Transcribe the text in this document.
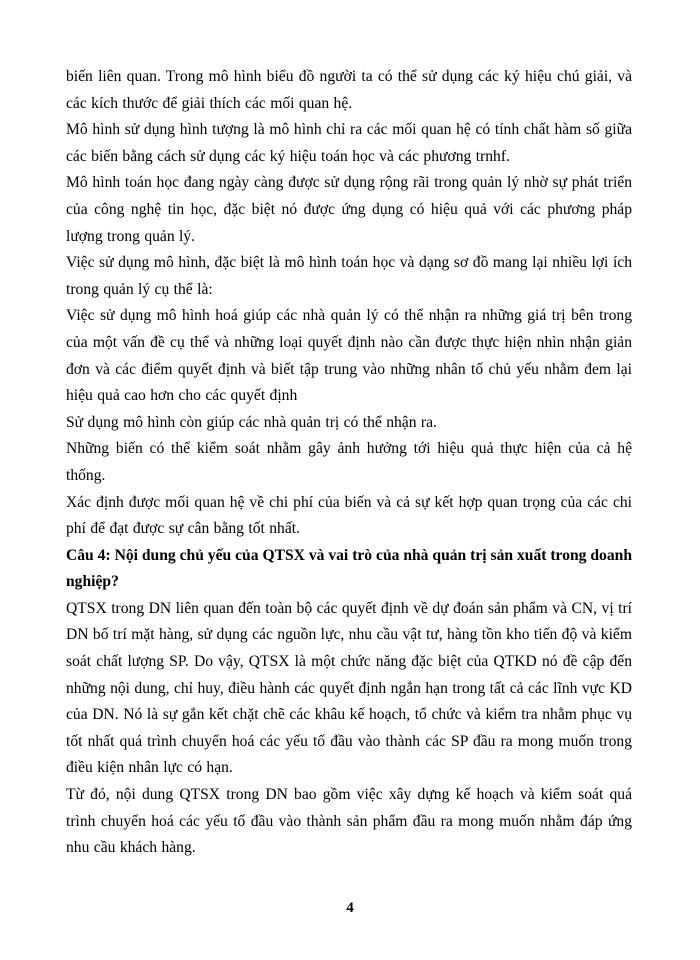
biến liên quan. Trong mô hình biểu đồ người ta có thể sử dụng các ký hiệu chú giải, và các kích thước để giải thích các mối quan hệ.

Mô hình sử dụng hình tượng là mô hình chỉ ra các mối quan hệ có tính chất hàm số giữa các biến bằng cách sử dụng các ký hiệu toán học và các phương trnhf.

Mô hình toán học đang ngày càng được sử dụng rộng rãi trong quản lý nhờ sự phát triển của công nghệ tin học, đặc biệt nó được ứng dụng có hiệu quả với các phương pháp lượng trong quản lý.

Việc sử dụng mô hình, đặc biệt là mô hình toán học và dạng sơ đồ mang lại nhiều lợi ích trong quản lý cụ thể là:

Việc sử dụng mô hình hoá giúp các nhà quản lý có thể nhận ra những giá trị bên trong của một vấn đề cụ thể và những loại quyết định nào cần được thực hiện nhìn nhận giản đơn và các điểm quyết định và biết tập trung vào những nhân tố chủ yếu nhằm đem lại hiệu quả cao hơn cho các quyết định

Sử dụng mô hình còn giúp các nhà quản trị có thể nhận ra.

Những biến có thể kiểm soát nhằm gây ảnh hưởng tới hiệu quả thực hiện của cả hệ thống.

Xác định được mối quan hệ về chi phí của biến và cả sự kết hợp quan trọng của các chi phí để đạt được sự cân bằng tốt nhất.

Câu 4: Nội dung chủ yếu của QTSX và vai trò của nhà quản trị sản xuất trong doanh nghiệp?

QTSX trong DN liên quan đến toàn bộ các quyết định về dự đoán sản phẩm và CN, vị trí DN bố trí mặt hàng, sử dụng các nguồn lực, nhu cầu vật tư, hàng tồn kho tiến độ và kiểm soát chất lượng SP. Do vậy, QTSX là một chức năng đặc biệt của QTKD nó đề cập đến những nội dung, chỉ huy, điều hành các quyết định ngắn hạn trong tất cả các lĩnh vực KD của DN. Nó là sự gắn kết chặt chẽ các khâu kế hoạch, tổ chức và kiểm tra nhằm phục vụ tốt nhất quá trình chuyển hoá các yếu tố đầu vào thành các SP đầu ra mong muốn trong điều kiện nhân lực có hạn.

Từ đó, nội dung QTSX trong DN bao gồm việc xây dựng kế hoạch và kiểm soát quá trình chuyển hoá các yếu tố đầu vào thành sản phẩm đầu ra mong muốn nhằm đáp ứng nhu cầu khách hàng.

4
